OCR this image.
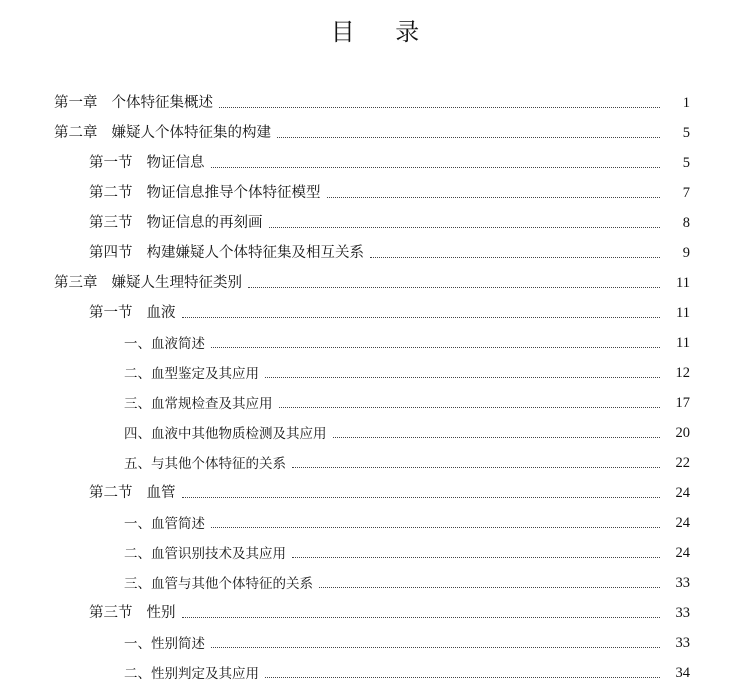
目    录
第一章 个体特征集概述	1
第二章 嫌疑人个体特征集的构建	5
第一节 物证信息	5
第二节 物证信息推导个体特征模型	7
第三节 物证信息的再刻画	8
第四节 构建嫌疑人个体特征集及相互关系	9
第三章 嫌疑人生理特征类别	11
第一节 血液	11
一、 血液简述	11
二、 血型鉴定及其应用	12
三、 血常规检查及其应用	17
四、 血液中其他物质检测及其应用	20
五、 与其他个体特征的关系	22
第二节 血管	24
一、 血管简述	24
二、 血管识别技术及其应用	24
三、 血管与其他个体特征的关系	33
第三节 性别	33
一、 性别简述	33
二、 性别判定及其应用	34
